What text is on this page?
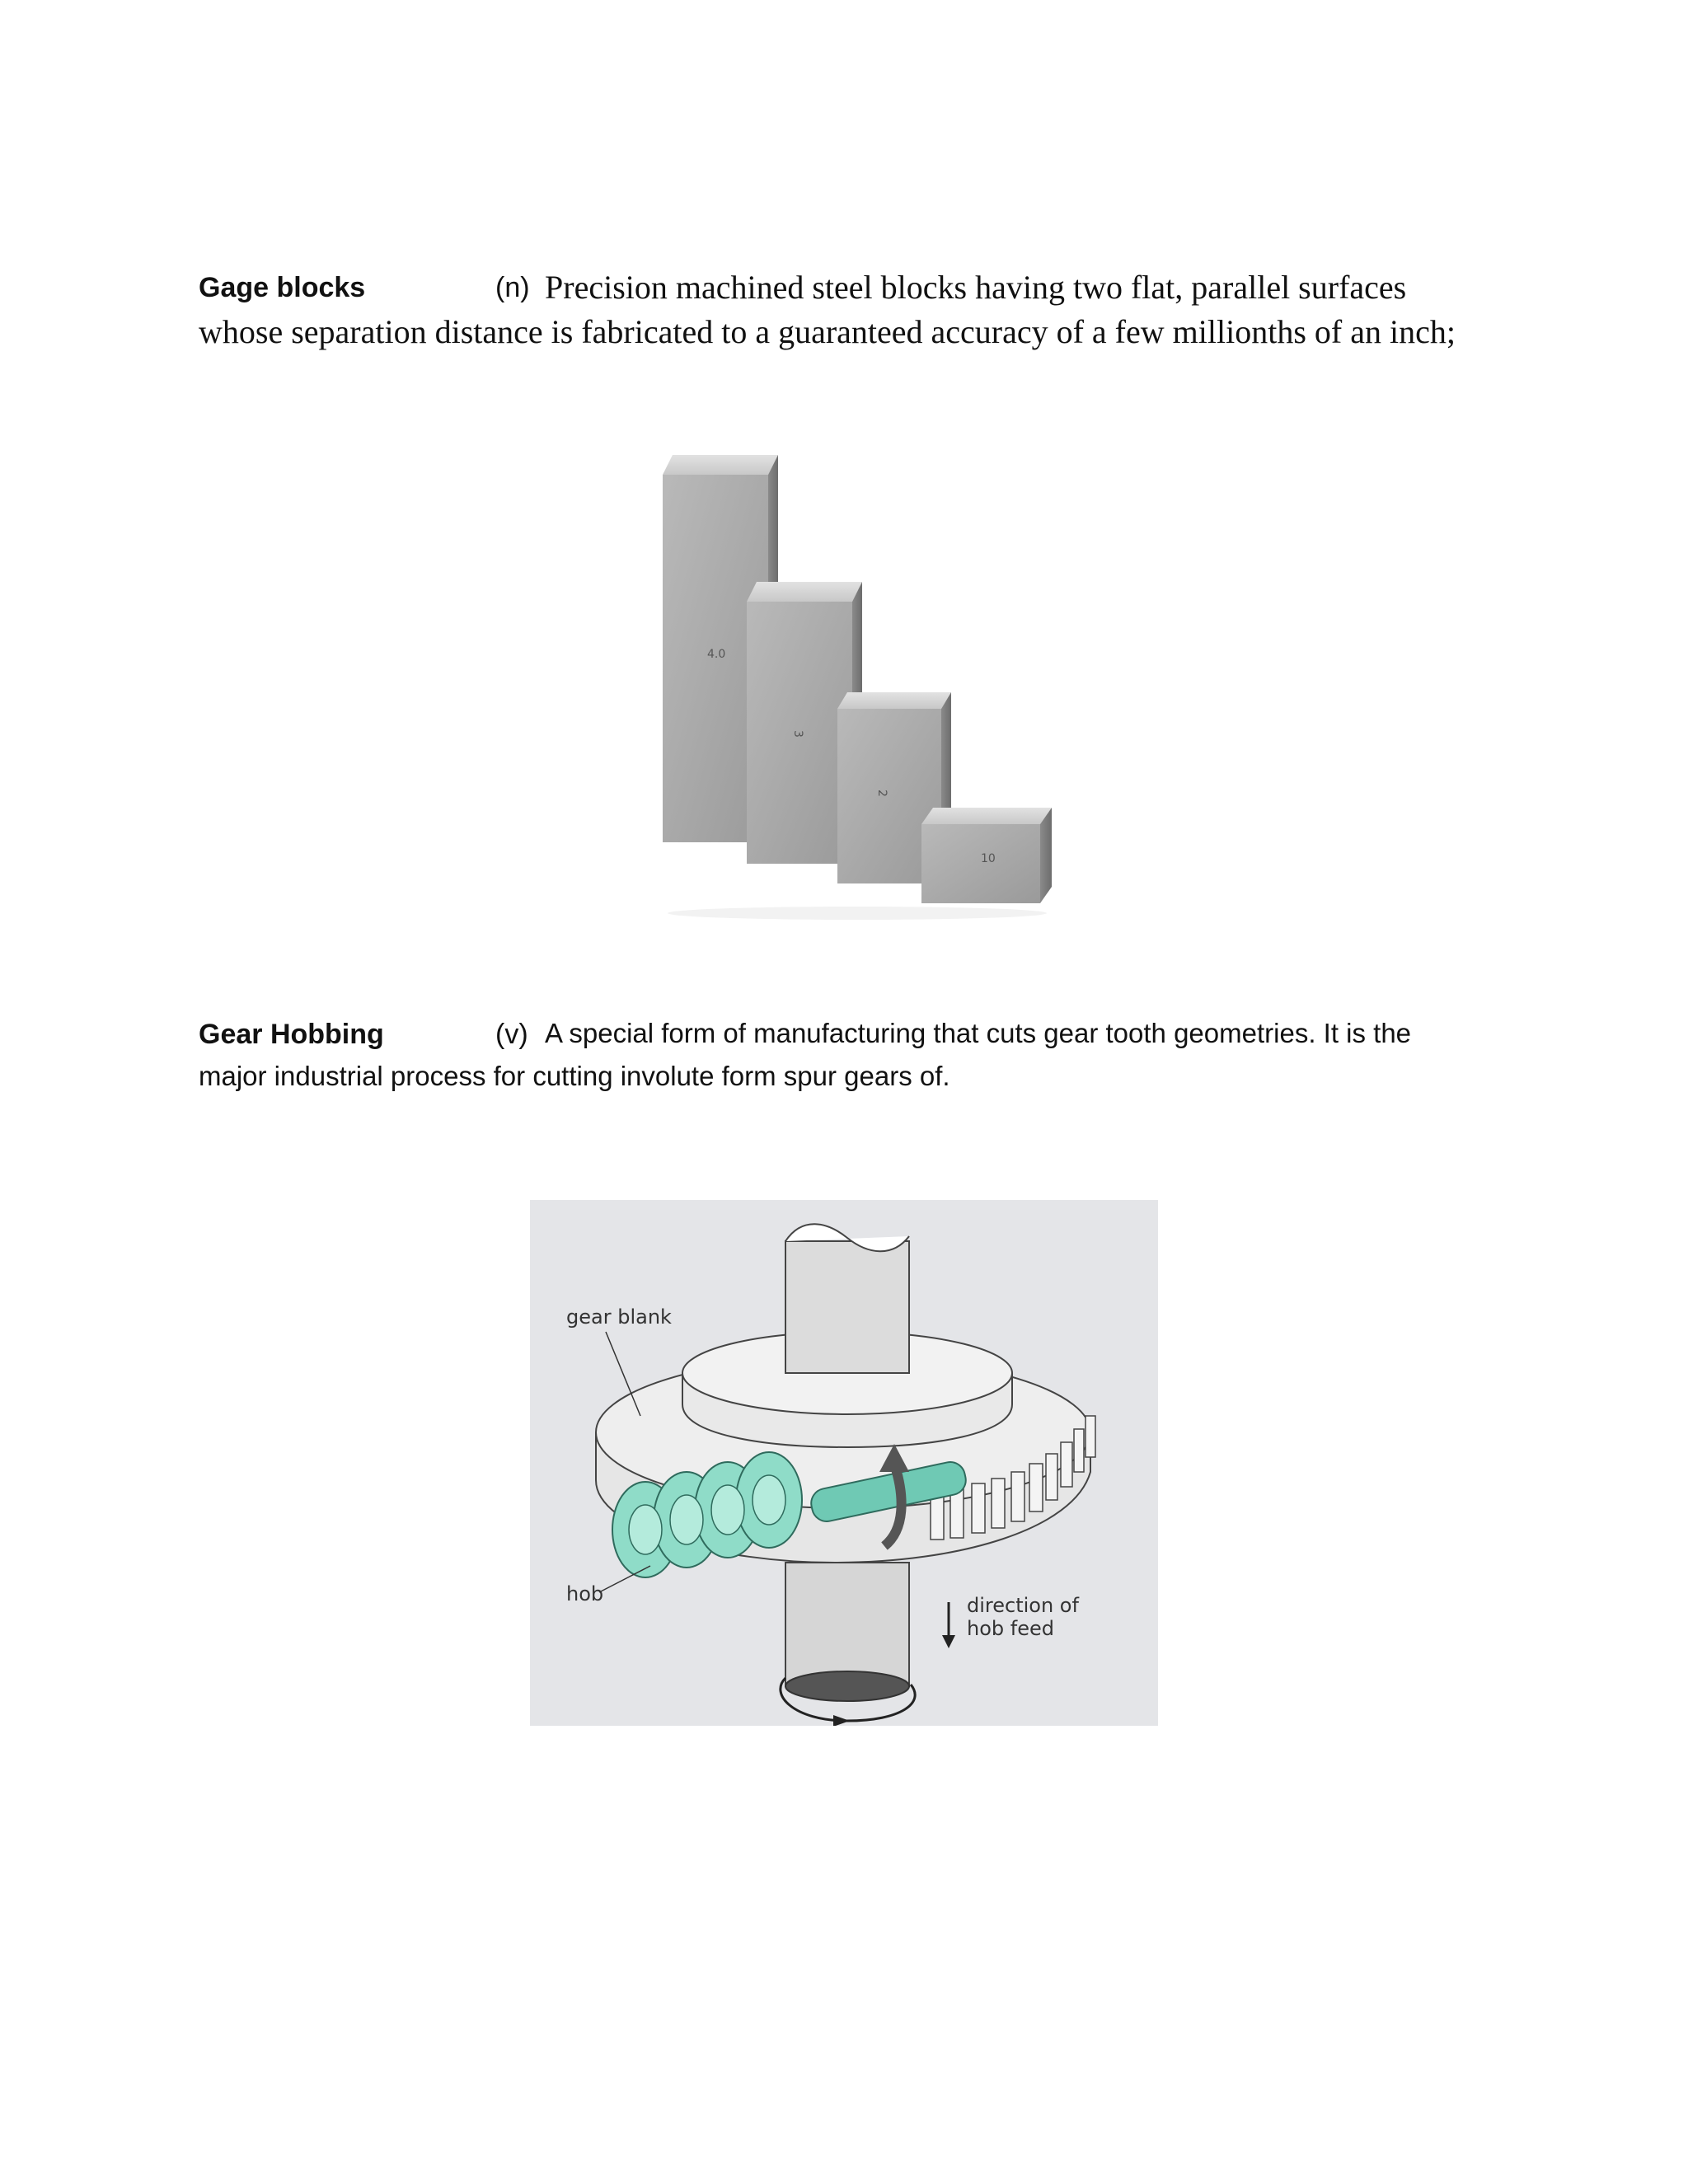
Precision machined steel blocks having two flat, parallel surfaces whose separation distance is fabricated to a guaranteed accuracy of a few millionths of an inch;

Gage blocks	(n)
4.0
3
2
10

A special form of manufacturing that cuts gear tooth geometries. It is the major industrial process for cutting involute form spur gears of.

Gear Hobbing	(v)
gear blank
hob	direction of
hob feed
